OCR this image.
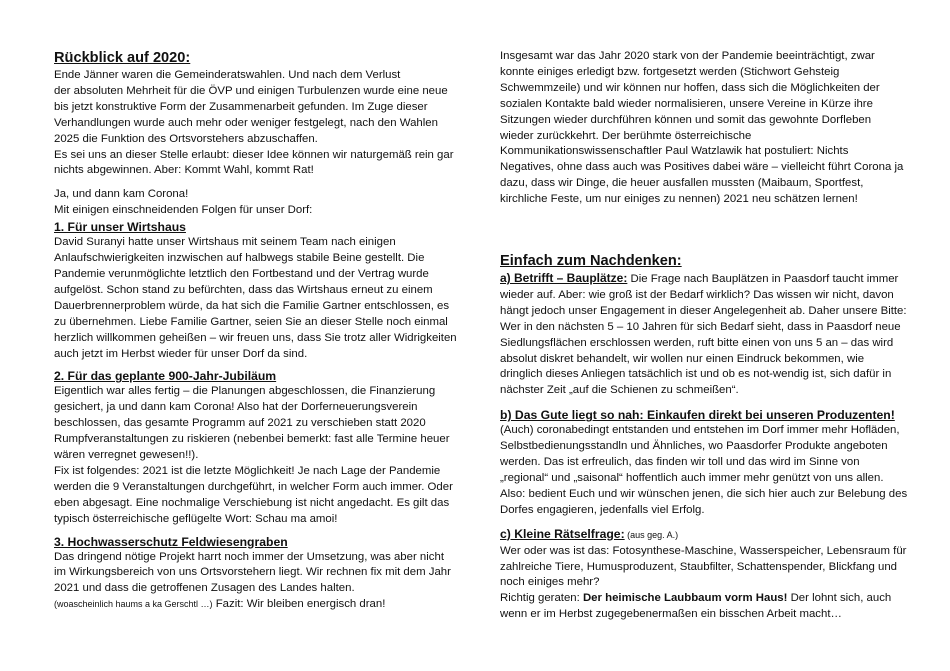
Rückblick auf 2020:
Ende Jänner waren die Gemeinderatswahlen. Und nach dem Verlust
der absoluten Mehrheit für die ÖVP und einigen Turbulenzen wurde eine neue
bis jetzt konstruktive Form der Zusammenarbeit gefunden. Im Zuge dieser
Verhandlungen wurde auch mehr oder weniger festgelegt, nach den Wahlen
2025 die Funktion des Ortsvorstehers abzuschaffen.
Es sei uns an dieser Stelle erlaubt: dieser Idee können wir naturgemäß rein gar
nichts abgewinnen. Aber: Kommt Wahl, kommt Rat!
Ja, und dann kam Corona!
Mit einigen einschneidenden Folgen für unser Dorf:
1. Für unser Wirtshaus
David Suranyi hatte unser Wirtshaus mit seinem Team nach einigen
Anlaufschwierigkeiten inzwischen auf halbwegs stabile Beine gestellt. Die
Pandemie verunmöglichte letztlich den Fortbestand und der Vertrag wurde
aufgelöst. Schon stand zu befürchten, dass das Wirtshaus erneut zu einem
Dauerbrennerproblem würde, da hat sich die Familie Gartner entschlossen, es
zu übernehmen. Liebe Familie Gartner, seien Sie an dieser Stelle noch einmal
herzlich willkommen geheißen – wir freuen uns, dass Sie trotz aller Widrigkeiten
auch jetzt im Herbst wieder für unser Dorf da sind.
2. Für das geplante 900-Jahr-Jubiläum
Eigentlich war alles fertig – die Planungen abgeschlossen, die Finanzierung
gesichert, ja und dann kam Corona! Also hat der Dorferneuerungsverein
beschlossen, das gesamte Programm auf 2021 zu verschieben statt 2020
Rumpfveranstaltungen zu riskieren (nebenbei bemerkt: fast alle Termine heuer
wären verregnet gewesen!!).
Fix ist folgendes: 2021 ist die letzte Möglichkeit! Je nach Lage der Pandemie
werden die 9 Veranstaltungen durchgeführt, in welcher Form auch immer. Oder
eben abgesagt. Eine nochmalige Verschiebung ist nicht angedacht. Es gilt das
typisch österreichische geflügelte Wort: Schau ma amoi!
3. Hochwasserschutz Feldwiesengraben
Das dringend nötige Projekt harrt noch immer der Umsetzung, was aber nicht
im Wirkungsbereich von uns Ortsvorstehern liegt. Wir rechnen fix mit dem Jahr
2021 und dass die getroffenen Zusagen des Landes halten.
(woascheinlich haums a ka Gerschtl …) Fazit: Wir bleiben energisch dran!
Insgesamt war das Jahr 2020 stark von der Pandemie beeinträchtigt, zwar
konnte einiges erledigt bzw. fortgesetzt werden (Stichwort Gehsteig
Schwemmzeile) und wir können nur hoffen, dass sich die Möglichkeiten der
sozialen Kontakte bald wieder normalisieren, unsere Vereine in Kürze ihre
Sitzungen wieder durchführen können und somit das gewohnte Dorfleben
wieder zurückkehrt. Der berühmte österreichische
Kommunikationswissenschaftler Paul Watzlawik hat postuliert: Nichts
Negatives, ohne dass auch was Positives dabei wäre – vielleicht führt Corona ja
dazu, dass wir Dinge, die heuer ausfallen mussten (Maibaum, Sportfest,
kirchliche Feste, um nur einiges zu nennen) 2021 neu schätzen lernen!
Einfach zum Nachdenken:
a) Betrifft – Bauplätze: Die Frage nach Bauplätzen in Paasdorf taucht immer
wieder auf. Aber: wie groß ist der Bedarf wirklich? Das wissen wir nicht, davon
hängt jedoch unser Engagement in dieser Angelegenheit ab. Daher unsere Bitte:
Wer in den nächsten 5 – 10 Jahren für sich Bedarf sieht, dass in Paasdorf neue
Siedlungsflächen erschlossen werden, ruft bitte einen von uns 5 an – das wird
absolut diskret behandelt, wir wollen nur einen Eindruck bekommen, wie
dringlich dieses Anliegen tatsächlich ist und ob es not-wendig ist, sich dafür in
nächster Zeit „auf die Schienen zu schmeißen“.
b) Das Gute liegt so nah: Einkaufen direkt bei unseren Produzenten!
(Auch) coronabedingt entstanden und entstehen im Dorf immer mehr Hofläden,
Selbstbedienungsstandln und Ähnliches, wo Paasdorfer Produkte angeboten
werden. Das ist erfreulich, das finden wir toll und das wird im Sinne von
„regional“ und „saisonal“ hoffentlich auch immer mehr genützt von uns allen.
Also: bedient Euch und wir wünschen jenen, die sich hier auch zur Belebung des
Dorfes engagieren, jedenfalls viel Erfolg.
c) Kleine Rätselfrage: (aus geg. A.)
Wer oder was ist das: Fotosynthese-Maschine, Wasserspeicher, Lebensraum für
zahlreiche Tiere, Humusproduzent, Staubfilter, Schattenspender, Blickfang und
noch einiges mehr?
Richtig geraten: Der heimische Laubbaum vorm Haus! Der lohnt sich, auch
wenn er im Herbst zugegebenermaßen ein bisschen Arbeit macht…
